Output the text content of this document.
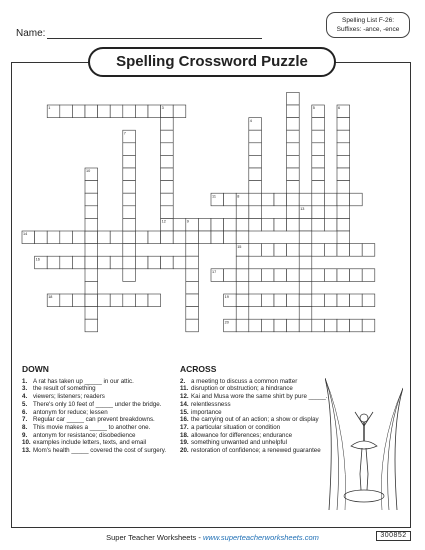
Name:
Spelling List F-26:
Suffixes: -ance, -ence
Spelling Crossword Puzzle
1
11
12
14
15
16
17
18	19
20
3
4
5	6
7
8
9
10
13
DOWN
1. A rat has taken up _____ in our attic.
3. the result of something
4. viewers; listeners; readers
5. There's only 10 feet of _____ under the bridge.
6. antonym for reduce; lessen
7. Regular car _____ can prevent breakdowns.
8. This movie makes a _____ to another one.
9. antonym for resistance; disobedience
10. examples include letters, texts, and email
13. Mom's health _____ covered the cost of surgery.
ACROSS
2. a meeting to discuss a common matter
11. disruption or obstruction; a hindrance
12. Kai and Musa wore the same shirt by pure _____.
14. relentlessness
15. importance
16. the carrying out of an action; a show or display
17. a particular situation or condition
18. allowance for differences; endurance
19. something unwanted and unhelpful
20. restoration of confidence; a renewed guarantee
Super Teacher Worksheets - www.superteacherworksheets.com	300852
